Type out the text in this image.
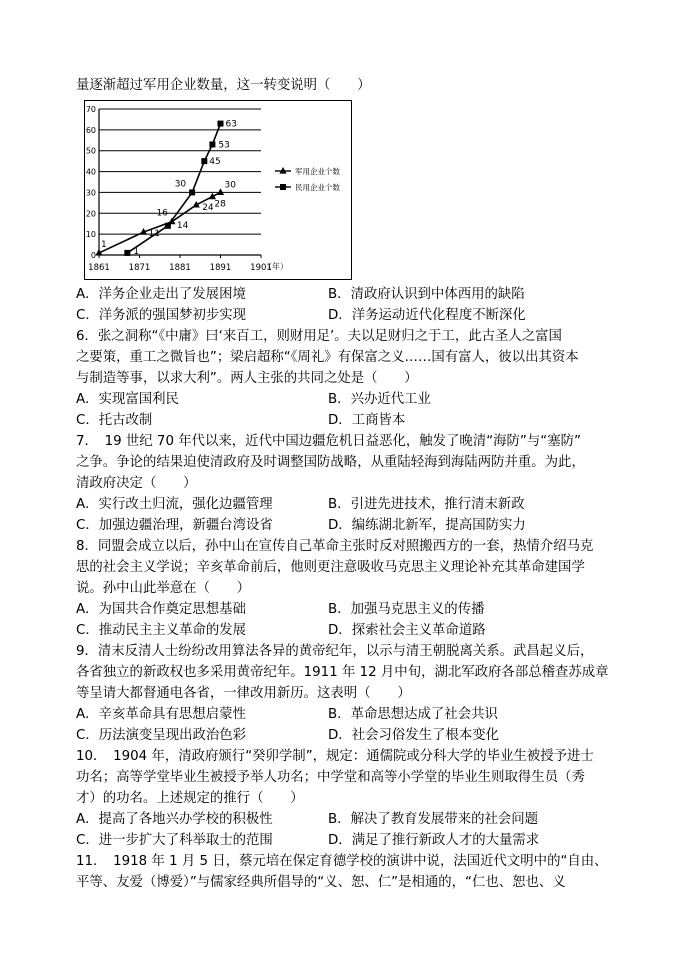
量逐渐超过军用企业数量，这一转变说明（　　）
0
10
20
30
40
50
60
70
1861 1871 1881 1891 1901
（年）
1
11
16
24 28
30
1
14
30
45
53
63
军用企业个数
民用企业个数
A．洋务企业走出了发展困境	B．清政府认识到中体西用的缺陷
C．洋务派的强国梦初步实现	D．洋务运动近代化程度不断深化
6．张之洞称“《中庸》曰‘来百工，则财用足’。夫以足财归之于工，此古圣人之富国
之要策，重工之微旨也”；梁启超称“《周礼》有保富之义……国有富人，彼以出其资本
与制造等事，以求大利”。两人主张的共同之处是（　　）
A．实现富国利民	B．兴办近代工业
C．托古改制	D．工商皆本
7．　19 世纪 70 年代以来，近代中国边疆危机日益恶化，触发了晚清“海防”与“塞防”
之争。争论的结果迫使清政府及时调整国防战略，从重陆轻海到海陆两防并重。为此，
清政府决定（　　）
A．实行改土归流，强化边疆管理	B．引进先进技术，推行清末新政
C．加强边疆治理，新疆台湾设省	D．编练湖北新军，提高国防实力
8．同盟会成立以后，孙中山在宣传自己革命主张时反对照搬西方的一套，热情介绍马克
思的社会主义学说；辛亥革命前后，他则更注意吸收马克思主义理论补充其革命建国学
说。孙中山此举意在（　　）
A．为国共合作奠定思想基础	B．加强马克思主义的传播
C．推动民主主义革命的发展	D．探索社会主义革命道路
9．清末反清人士纷纷改用算法各异的黄帝纪年，以示与清王朝脱离关系。武昌起义后，
各省独立的新政权也多采用黄帝纪年。1911 年 12 月中旬，湖北军政府各部总稽查苏成章
等呈请大都督通电各省，一律改用新历。这表明（　　）
A．辛亥革命具有思想启蒙性	B．革命思想达成了社会共识
C．历法演变呈现出政治色彩	D．社会习俗发生了根本变化
10．　1904 年，清政府颁行“癸卯学制”，规定：通儒院或分科大学的毕业生被授予进士
功名；高等学堂毕业生被授予举人功名；中学堂和高等小学堂的毕业生则取得生员（秀
才）的功名。上述规定的推行（　　）
A．提高了各地兴办学校的积极性	B．解决了教育发展带来的社会问题
C．进一步扩大了科举取士的范围	D．满足了推行新政人才的大量需求
11．　1918 年 1 月 5 日，蔡元培在保定育德学校的演讲中说，法国近代文明中的“自由、
平等、友爱（博爱）”与儒家经典所倡导的“义、恕、仁”是相通的，“仁也、恕也、义
